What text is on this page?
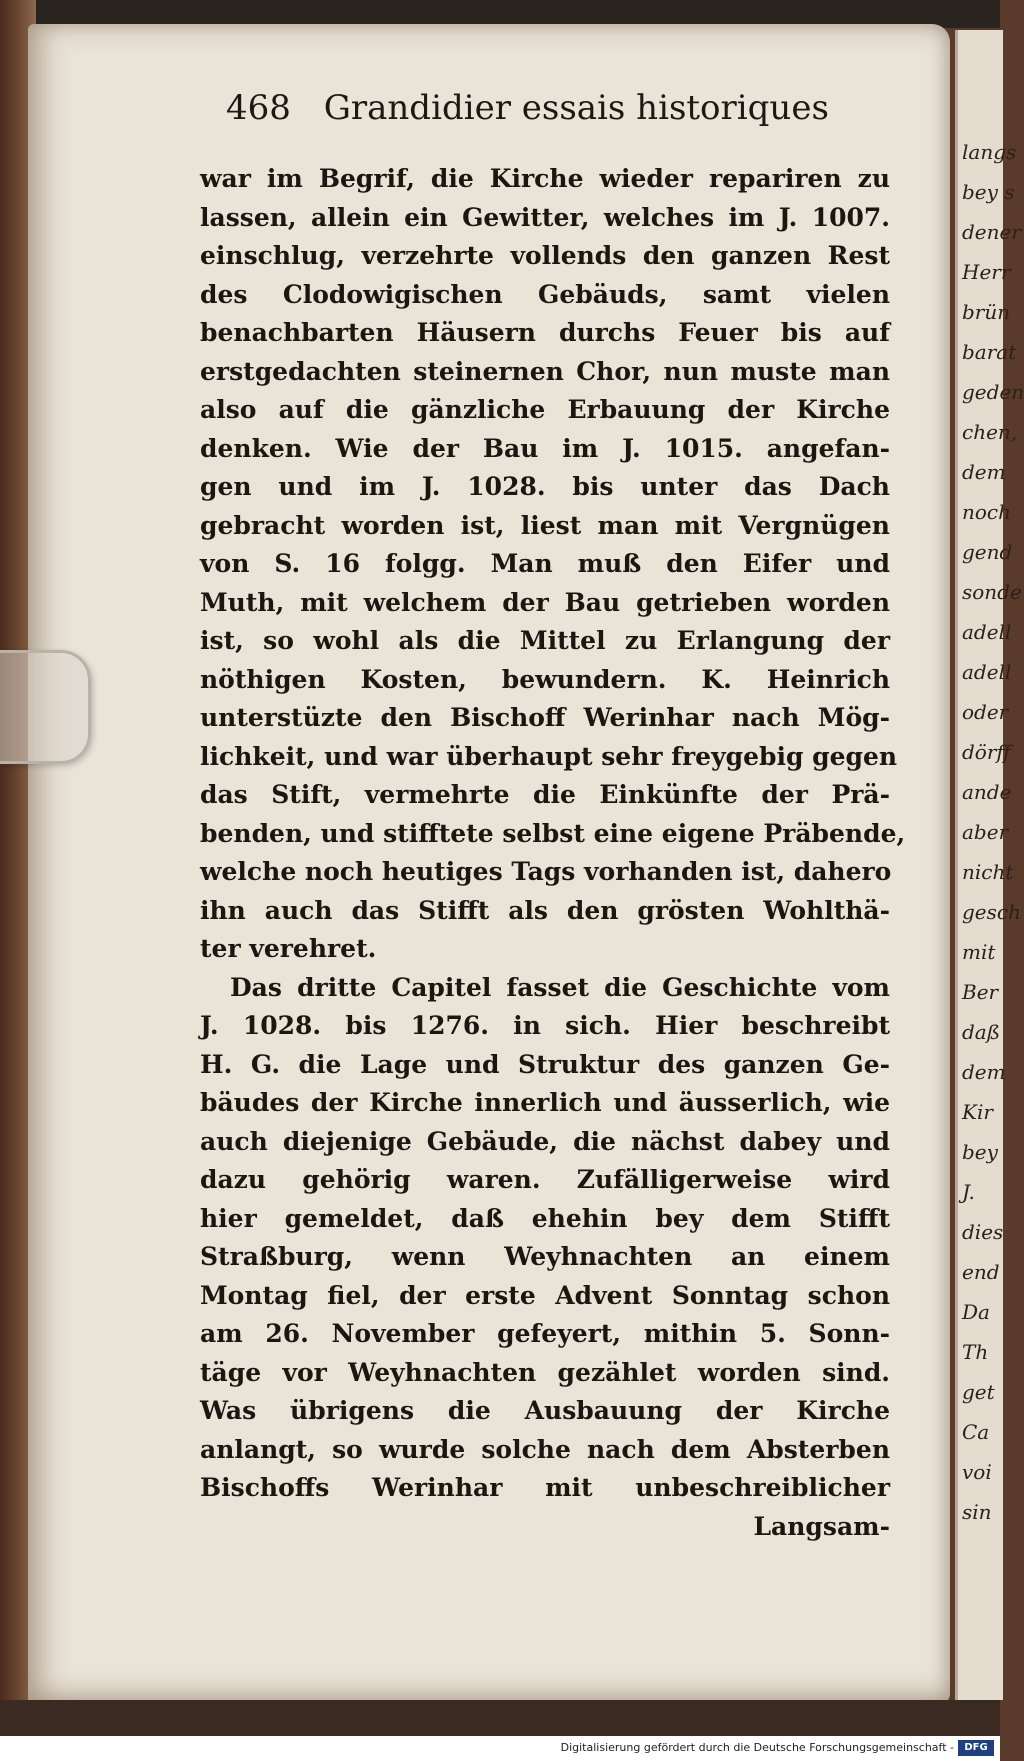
langs
bey s
dener
Herr
brün
barat
geden
chen,
dem
noch
gend
sonde
adell
adell
oder
dörff
ande
aber
nicht
gesch
mit
Ber
daß
dem
Kir
bey
J.
dies
end
Da
Th
get
Ca
voi
sin
468 Grandidier essais historiques
war im Begrif, die Kirche wieder repariren zu
lassen, allein ein Gewitter, welches im J. 1007.
einschlug, verzehrte vollends den ganzen Rest
des Clodowigischen Gebäuds, samt vielen
benachbarten Häusern durchs Feuer bis auf
erstgedachten steinernen Chor, nun muste man
also auf die gänzliche Erbauung der Kirche
denken. Wie der Bau im J. 1015. angefan-
gen und im J. 1028. bis unter das Dach
gebracht worden ist, liest man mit Vergnügen
von S. 16 folgg. Man muß den Eifer und
Muth, mit welchem der Bau getrieben worden
ist, so wohl als die Mittel zu Erlangung der
nöthigen Kosten, bewundern. K. Heinrich
unterstüzte den Bischoff Werinhar nach Mög-
lichkeit, und war überhaupt sehr freygebig gegen
das Stift, vermehrte die Einkünfte der Prä-
benden, und stifftete selbst eine eigene Präbende,
welche noch heutiges Tags vorhanden ist, dahero
ihn auch das Stifft als den grösten Wohlthä-
ter verehret.
Das dritte Capitel fasset die Geschichte vom
J. 1028. bis 1276. in sich. Hier beschreibt
H. G. die Lage und Struktur des ganzen Ge-
bäudes der Kirche innerlich und äusserlich, wie
auch diejenige Gebäude, die nächst dabey und
dazu gehörig waren. Zufälligerweise wird
hier gemeldet, daß ehehin bey dem Stifft
Straßburg, wenn Weyhnachten an einem
Montag fiel, der erste Advent Sonntag schon
am 26. November gefeyert, mithin 5. Sonn-
täge vor Weyhnachten gezählet worden sind.
Was übrigens die Ausbauung der Kirche
anlangt, so wurde solche nach dem Absterben
Bischoffs Werinhar mit unbeschreiblicher
Langsam-
Digitalisierung gefördert durch die Deutsche Forschungsgemeinschaft -	DFG
